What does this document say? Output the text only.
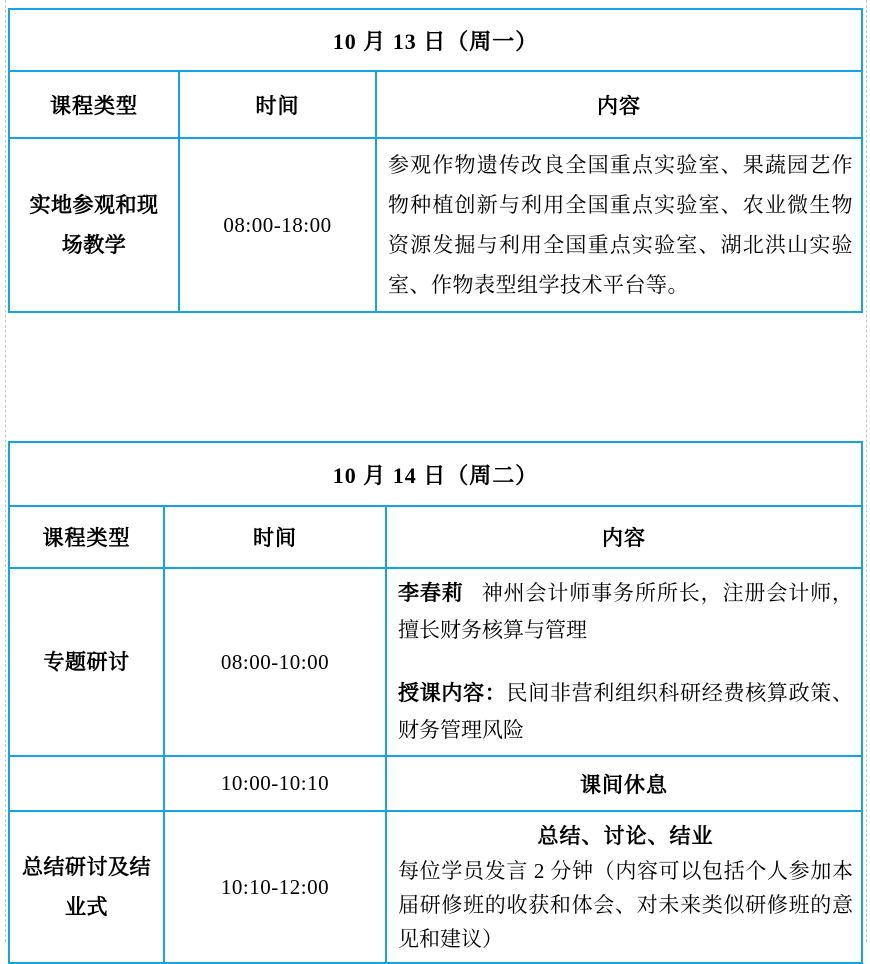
10 月 13 日（周一）		
课程类型	时间	内容
实地参观和现场教学	08:00-18:00	参观作物遗传改良全国重点实验室、果蔬园艺作物种植创新与利用全国重点实验室、农业微生物资源发掘与利用全国重点实验室、湖北洪山实验室、作物表型组学技术平台等。
10 月 14 日（周二）		
课程类型	时间	内容
专题研讨	08:00-10:00	李春莉 神州会计师事务所所长，注册会计师，擅长财务核算与管理
授课内容：民间非营利组织科研经费核算政策、财务管理风险

	10:00-10:10	课间休息
总结研讨及结业式	10:10-12:00	总结、讨论、结业
每位学员发言 2 分钟（内容可以包括个人参加本届研修班的收获和体会、对未来类似研修班的意见和建议）
